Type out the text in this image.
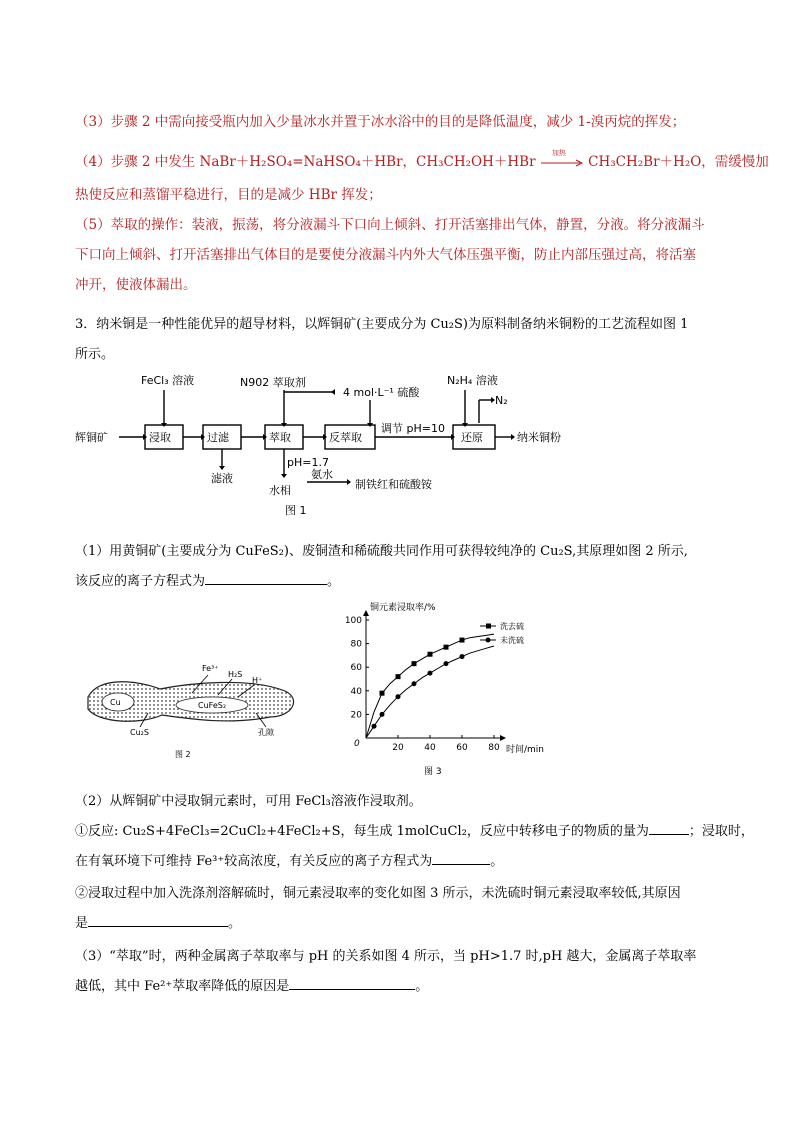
（3）步骤 2 中需向接受瓶内加入少量冰水并置于冰水浴中的目的是降低温度，减少 1-溴丙烷的挥发；
（4）步骤 2 中发生 NaBr＋H₂SO₄=NaHSO₄＋HBr，CH₃CH₂OH＋HBr
加热
CH₃CH₂Br＋H₂O，需缓慢加
热使反应和蒸馏平稳进行，目的是减少 HBr 挥发；
（5）萃取的操作：装液，振荡，将分液漏斗下口向上倾斜、打开活塞排出气体，静置，分液。将分液漏斗
下口向上倾斜、打开活塞排出气体目的是要使分液漏斗内外大气体压强平衡，防止内部压强过高，将活塞
冲开，使液体漏出。
3．纳米铜是一种性能优异的超导材料，以辉铜矿(主要成分为 Cu₂S)为原料制备纳米铜粉的工艺流程如图 1
所示。
辉铜矿	浸取	过滤	萃取	反萃取	还原	纳米铜粉
FeCl₃ 溶液	N902 萃取剂
4 mol·L⁻¹ 硫酸
N₂H₄ 溶液
N₂
调节 pH=10
滤液
pH=1.7
水相
氨水
制铁红和硫酸铵
图 1
（1）用黄铜矿(主要成分为 CuFeS₂)、废铜渣和稀硫酸共同作用可获得较纯净的 Cu₂S,其原理如图 2 所示,
该反应的离子方程式为	。
Fe³⁺
H₂S
H⁺
Cu	CuFeS₂
Cu₂S	孔隙
图 2
20
40
60
80
100
20 40 60 80
0
铜元素浸取率/%
时间/min
洗去硫
未洗硫
图 3
（2）从辉铜矿中浸取铜元素时，可用 FeCl₃溶液作浸取剂。
①反应: Cu₂S+4FeCl₃=2CuCl₂+4FeCl₂+S，每生成 1molCuCl₂，反应中转移电子的物质的量为	；浸取时，
在有氧环境下可维持 Fe³⁺较高浓度，有关反应的离子方程式为	。
②浸取过程中加入洗涤剂溶解硫时，铜元素浸取率的变化如图 3 所示，未洗硫时铜元素浸取率较低,其原因
是	。
（3）“萃取”时，两种金属离子萃取率与 pH 的关系如图 4 所示，当 pH>1.7 时,pH 越大，金属离子萃取率
越低，其中 Fe²⁺萃取率降低的原因是	。
